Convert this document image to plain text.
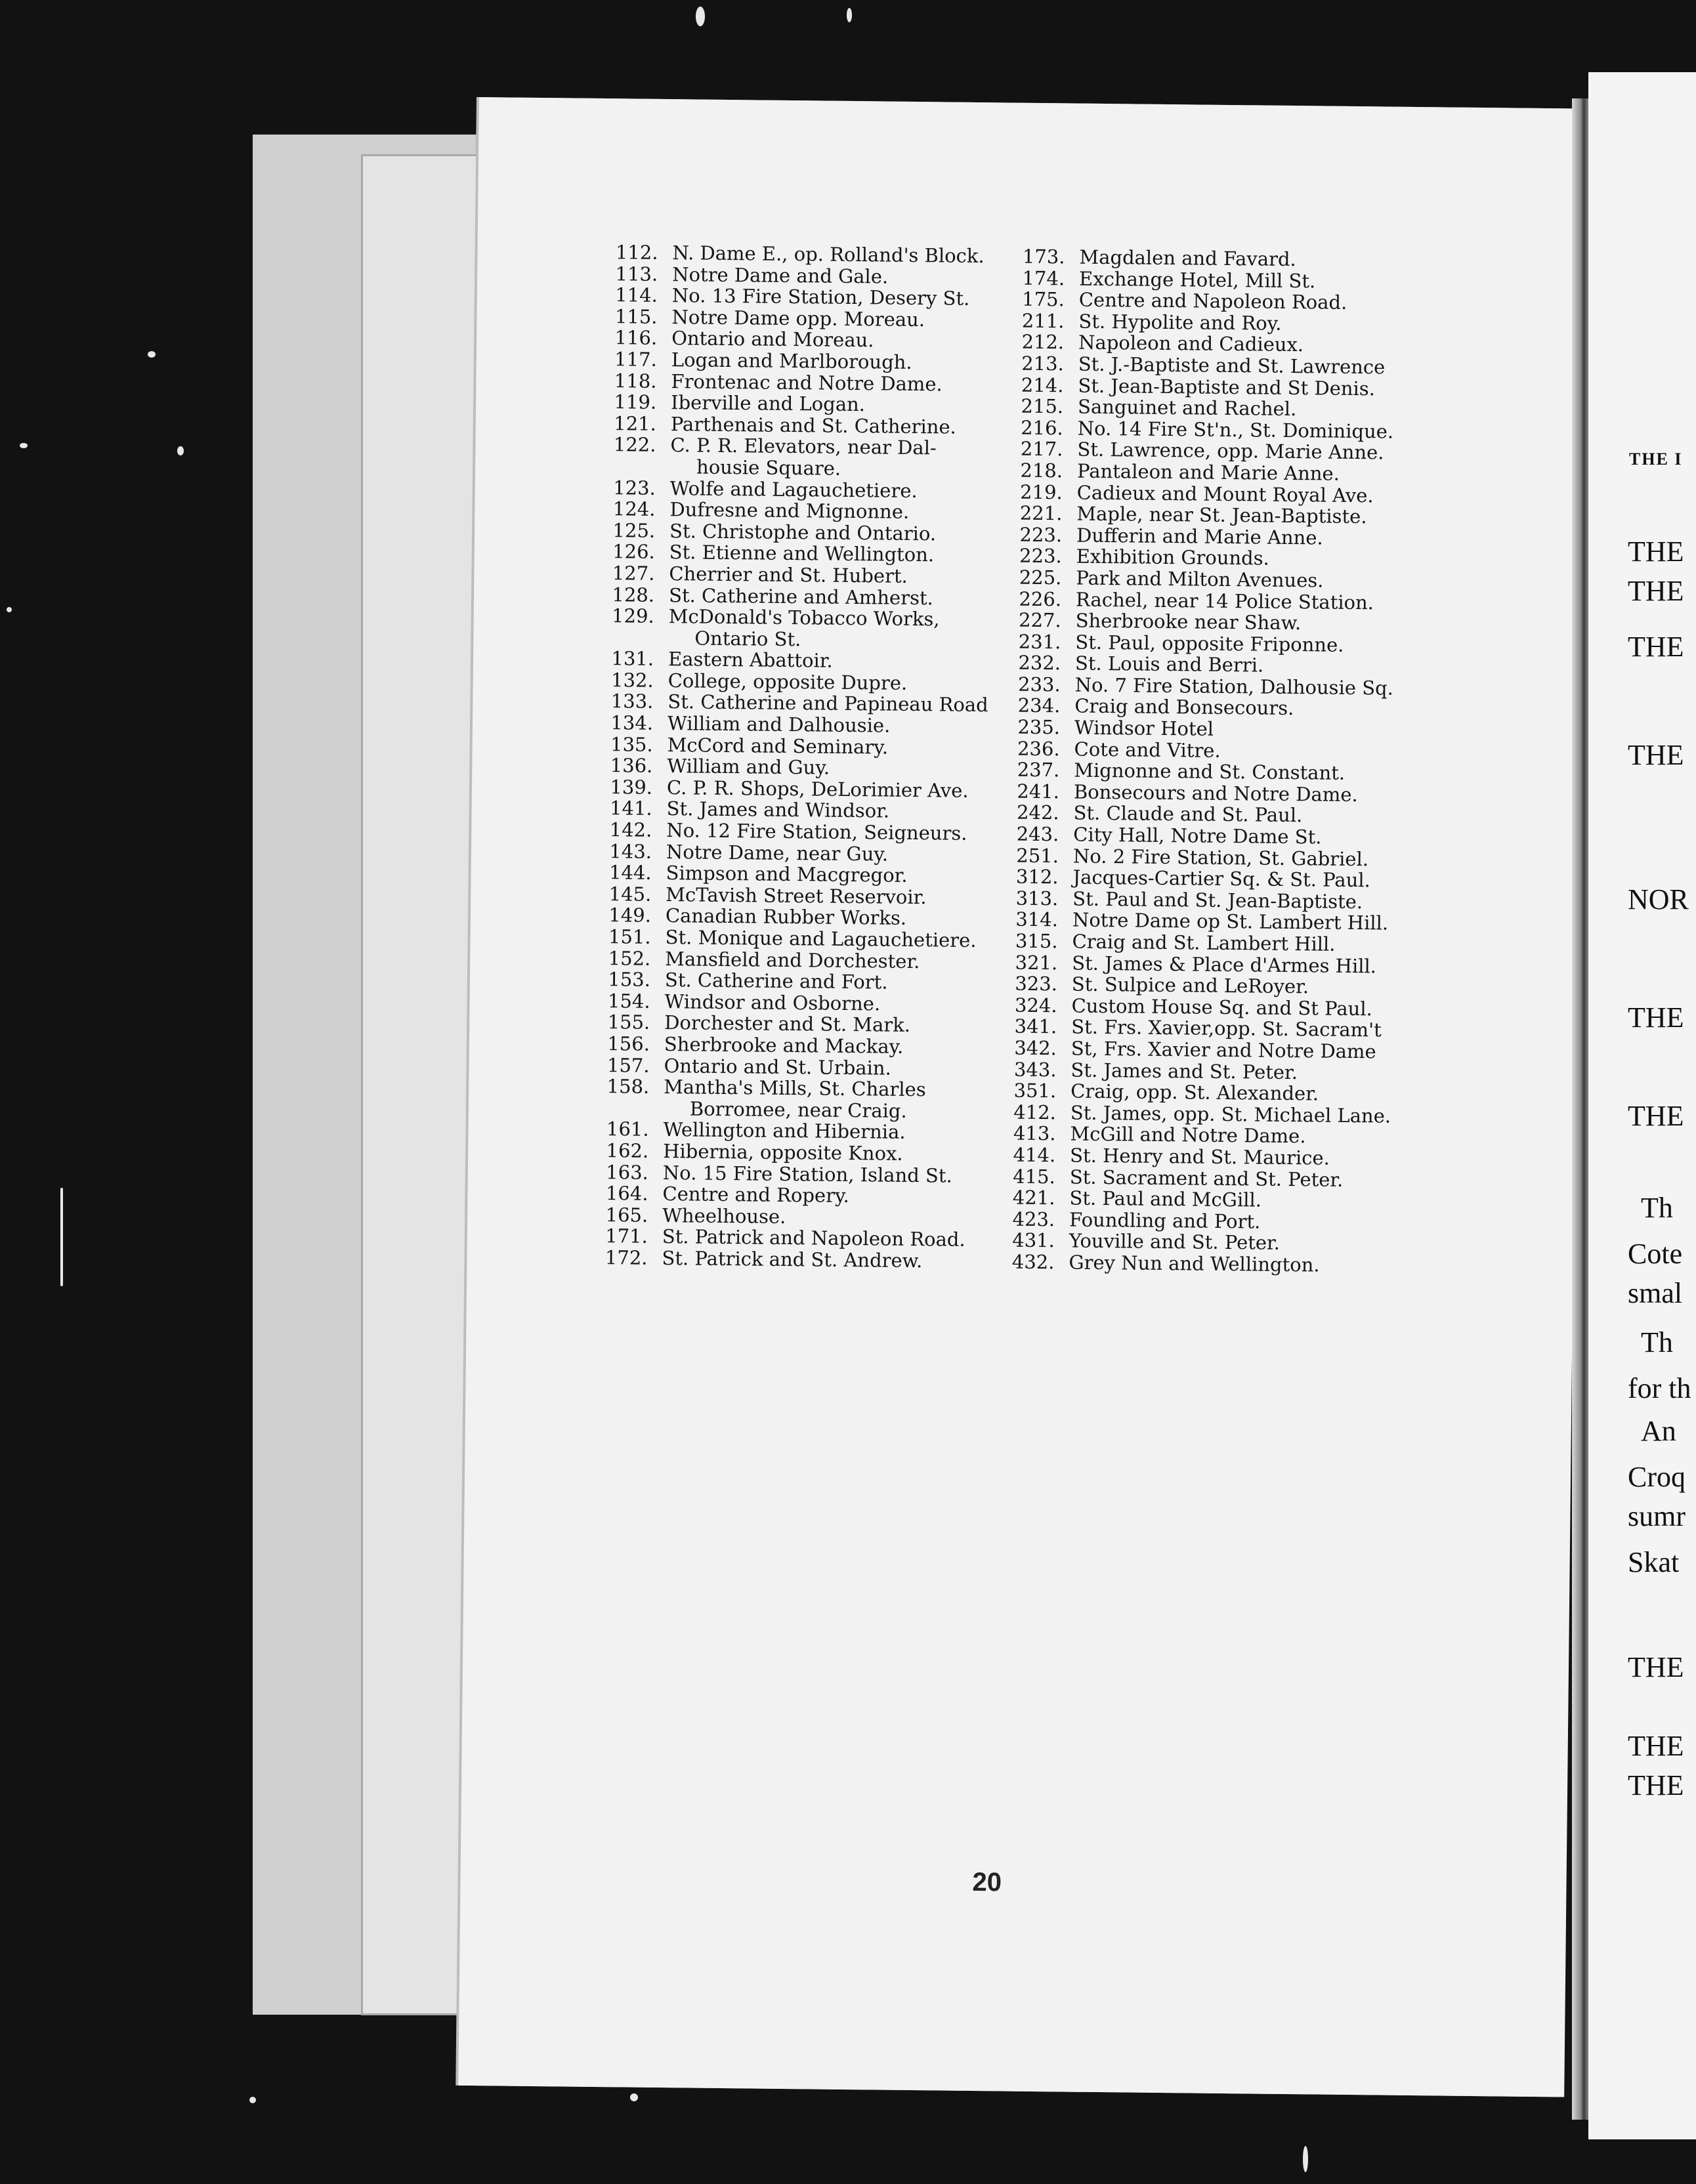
112. N. Dame E., op. Rolland's Block.
113. Notre Dame and Gale.
114. No. 13 Fire Station, Desery St.
115. Notre Dame opp. Moreau.
116. Ontario and Moreau.
117. Logan and Marlborough.
118. Frontenac and Notre Dame.
119. Iberville and Logan.
121. Parthenais and St. Catherine.
122. C. P. R. Elevators, near Dal-
housie Square.
123. Wolfe and Lagauchetiere.
124. Dufresne and Mignonne.
125. St. Christophe and Ontario.
126. St. Etienne and Wellington.
127. Cherrier and St. Hubert.
128. St. Catherine and Amherst.
129. McDonald's Tobacco Works,
Ontario St.
131. Eastern Abattoir.
132. College, opposite Dupre.
133. St. Catherine and Papineau Road
134. William and Dalhousie.
135. McCord and Seminary.
136. William and Guy.
139. C. P. R. Shops, DeLorimier Ave.
141. St. James and Windsor.
142. No. 12 Fire Station, Seigneurs.
143. Notre Dame, near Guy.
144. Simpson and Macgregor.
145. McTavish Street Reservoir.
149. Canadian Rubber Works.
151. St. Monique and Lagauchetiere.
152. Mansfield and Dorchester.
153. St. Catherine and Fort.
154. Windsor and Osborne.
155. Dorchester and St. Mark.
156. Sherbrooke and Mackay.
157. Ontario and St. Urbain.
158. Mantha's Mills, St. Charles
Borromee, near Craig.
161. Wellington and Hibernia.
162. Hibernia, opposite Knox.
163. No. 15 Fire Station, Island St.
164. Centre and Ropery.
165. Wheelhouse.
171. St. Patrick and Napoleon Road.
172. St. Patrick and St. Andrew.
173. Magdalen and Favard.
174. Exchange Hotel, Mill St.
175. Centre and Napoleon Road.
211. St. Hypolite and Roy.
212. Napoleon and Cadieux.
213. St. J.-Baptiste and St. Lawrence
214. St. Jean-Baptiste and St Denis.
215. Sanguinet and Rachel.
216. No. 14 Fire St'n., St. Dominique.
217. St. Lawrence, opp. Marie Anne.
218. Pantaleon and Marie Anne.
219. Cadieux and Mount Royal Ave.
221. Maple, near St. Jean-Baptiste.
223. Dufferin and Marie Anne.
223. Exhibition Grounds.
225. Park and Milton Avenues.
226. Rachel, near 14 Police Station.
227. Sherbrooke near Shaw.
231. St. Paul, opposite Friponne.
232. St. Louis and Berri.
233. No. 7 Fire Station, Dalhousie Sq.
234. Craig and Bonsecours.
235. Windsor Hotel
236. Cote and Vitre.
237. Mignonne and St. Constant.
241. Bonsecours and Notre Dame.
242. St. Claude and St. Paul.
243. City Hall, Notre Dame St.
251. No. 2 Fire Station, St. Gabriel.
312. Jacques-Cartier Sq. & St. Paul.
313. St. Paul and St. Jean-Baptiste.
314. Notre Dame op St. Lambert Hill.
315. Craig and St. Lambert Hill.
321. St. James & Place d'Armes Hill.
323. St. Sulpice and LeRoyer.
324. Custom House Sq. and St Paul.
341. St. Frs. Xavier,opp. St. Sacram't
342. St, Frs. Xavier and Notre Dame
343. St. James and St. Peter.
351. Craig, opp. St. Alexander.
412. St. James, opp. St. Michael Lane.
413. McGill and Notre Dame.
414. St. Henry and St. Maurice.
415. St. Sacrament and St. Peter.
421. St. Paul and McGill.
423. Foundling and Port.
431. Youville and St. Peter.
432. Grey Nun and Wellington.
20
THE I
THE
THE
THE
THE
NOR
THE
THE
Th
Cote
smal
Th
for th
An
Croq
sumr
Skat
THE
THE
THE
